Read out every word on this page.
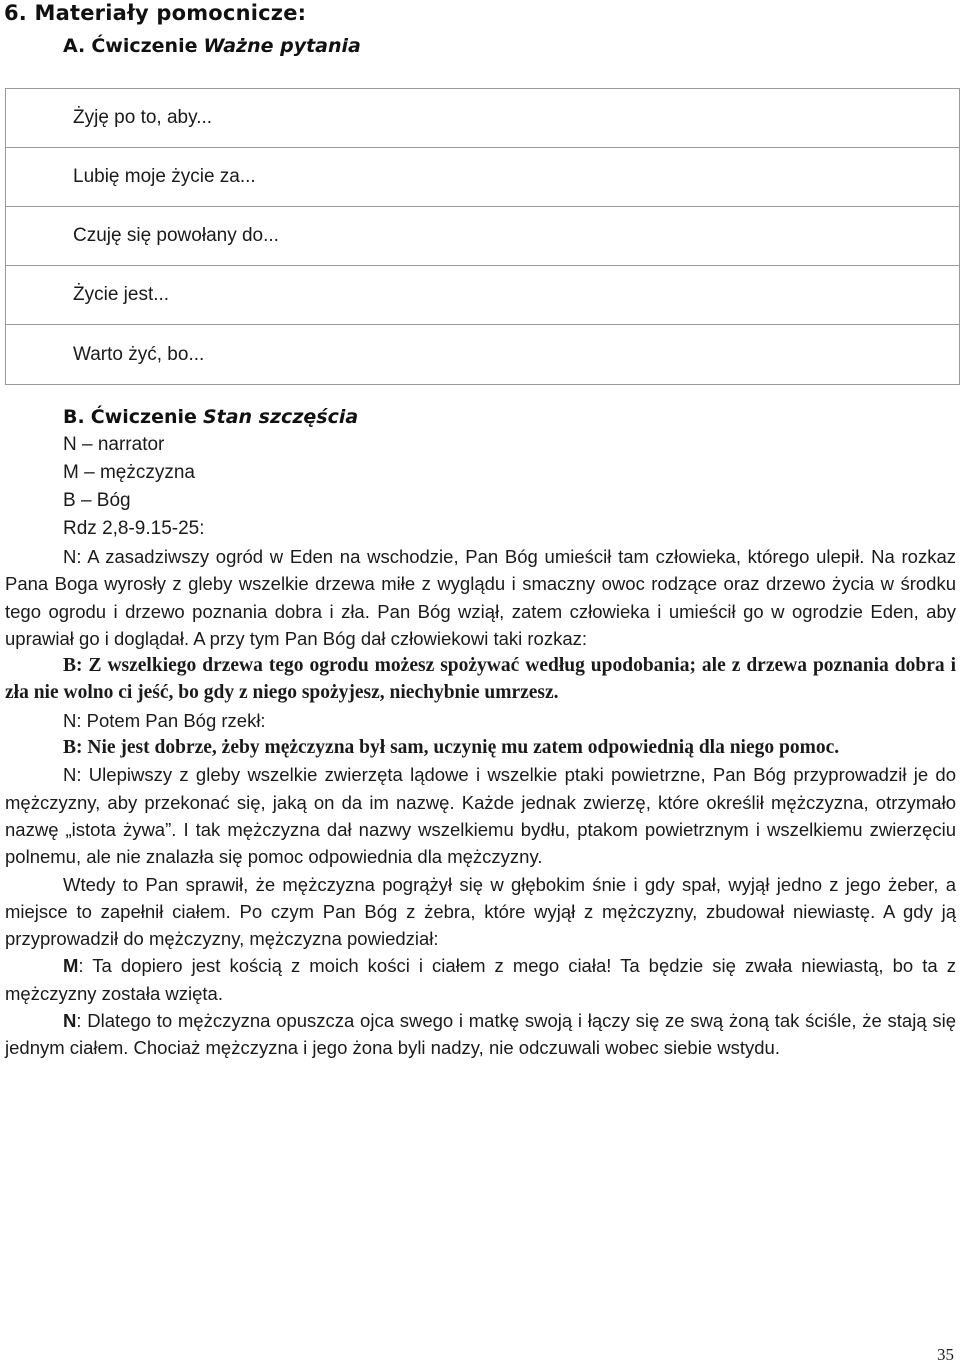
6. Materiały pomocnicze:
A. Ćwiczenie Ważne pytania
Żyję po to, aby...
Lubię moje życie za...
Czuję się powołany do...
Życie jest...
Warto żyć, bo...
B. Ćwiczenie Stan szczęścia
N – narrator
M – mężczyzna
B – Bóg
Rdz 2,8-9.15-25:

N: A zasadziwszy ogród w Eden na wschodzie, Pan Bóg umieścił tam człowieka, którego ulepił. Na rozkaz Pana Boga wyrosły z gleby wszelkie drzewa miłe z wyglądu i smaczny owoc rodzące oraz drzewo życia w środku tego ogrodu i drzewo poznania dobra i zła. Pan Bóg wziął, zatem człowieka i umieścił go w ogrodzie Eden, aby uprawiał go i doglądał. A przy tym Pan Bóg dał człowiekowi taki rozkaz:

B: Z wszelkiego drzewa tego ogrodu możesz spożywać według upodobania; ale z drzewa poznania dobra i zła nie wolno ci jeść, bo gdy z niego spożyjesz, niechybnie umrzesz.

N: Potem Pan Bóg rzekł:

B: Nie jest dobrze, żeby mężczyzna był sam, uczynię mu zatem odpowiednią dla niego pomoc.

N: Ulepiwszy z gleby wszelkie zwierzęta lądowe i wszelkie ptaki powietrzne, Pan Bóg przyprowadził je do mężczyzny, aby przekonać się, jaką on da im nazwę. Każde jednak zwierzę, które określił mężczyzna, otrzymało nazwę „istota żywa”. I tak mężczyzna dał nazwy wszelkiemu bydłu, ptakom powietrznym i wszelkiemu zwierzęciu polnemu, ale nie znalazła się pomoc odpowiednia dla mężczyzny.

Wtedy to Pan sprawił, że mężczyzna pogrążył się w głębokim śnie i gdy spał, wyjął jedno z jego żeber, a miejsce to zapełnił ciałem. Po czym Pan Bóg z żebra, które wyjął z mężczyzny, zbudował niewiastę. A gdy ją przyprowadził do mężczyzny, mężczyzna powiedział:

M: Ta dopiero jest kością z moich kości i ciałem z mego ciała! Ta będzie się zwała niewiastą, bo ta z mężczyzny została wzięta.

N: Dlatego to mężczyzna opuszcza ojca swego i matkę swoją i łączy się ze swą żoną tak ściśle, że stają się jednym ciałem. Chociaż mężczyzna i jego żona byli nadzy, nie odczuwali wobec siebie wstydu.

35
